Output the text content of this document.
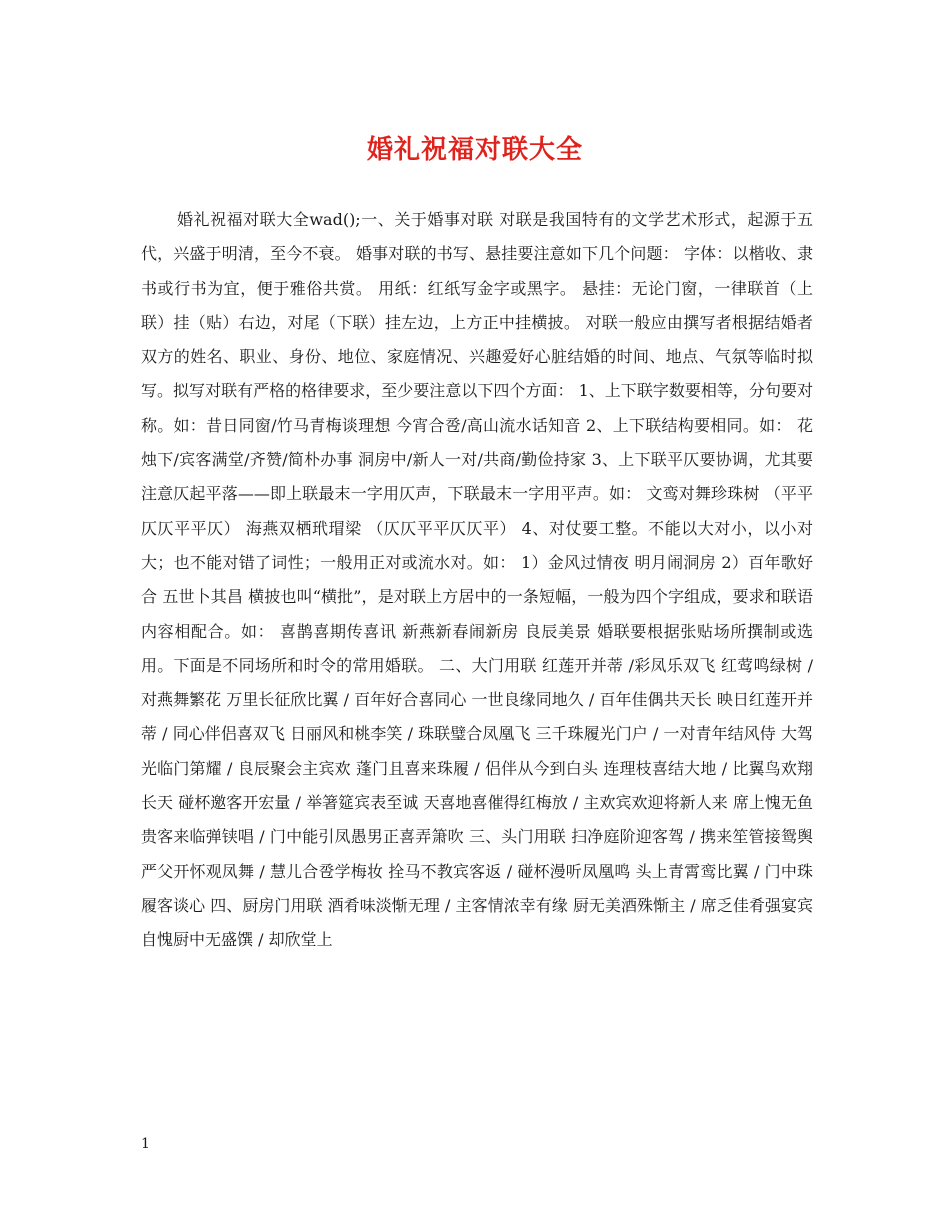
婚礼祝福对联大全

婚礼祝福对联大全wad();一、关于婚事对联 对联是我国特有的文学艺术形式，起源于五代，兴盛于明清，至今不衰。 婚事对联的书写、悬挂要注意如下几个问题： 字体：以楷收、隶书或行书为宜，便于雅俗共赏。 用纸：红纸写金字或黑字。 悬挂：无论门窗，一律联首（上联）挂（贴）右边，对尾（下联）挂左边，上方正中挂横披。 对联一般应由撰写者根据结婚者双方的姓名、职业、身份、地位、家庭情况、兴趣爱好心脏结婚的时间、地点、气氛等临时拟写。拟写对联有严格的格律要求，至少要注意以下四个方面： 1、上下联字数要相等，分句要对称。如：昔日同窗/竹马青梅谈理想 今宵合卺/高山流水话知音 2、上下联结构要相同。如： 花烛下/宾客满堂/齐赞/简朴办事 洞房中/新人一对/共商/勤俭持家 3、上下联平仄要协调，尤其要注意仄起平落——即上联最末一字用仄声，下联最末一字用平声。如： 文鸾对舞珍珠树 （平平仄仄平平仄） 海燕双栖玳瑁梁 （仄仄平平仄仄平） 4、对仗要工整。不能以大对小，以小对大；也不能对错了词性；一般用正对或流水对。如： 1）金风过情夜 明月闹洞房 2）百年歌好合 五世卜其昌 横披也叫“横批”，是对联上方居中的一条短幅，一般为四个字组成，要求和联语内容相配合。如： 喜鹊喜期传喜讯 新燕新春闹新房 良辰美景 婚联要根据张贴场所撰制或选用。下面是不同场所和时令的常用婚联。 二、大门用联 红莲开并蒂 /彩凤乐双飞 红莺鸣绿树 /对燕舞繁花 万里长征欣比翼 / 百年好合喜同心 一世良缘同地久 / 百年佳偶共天长 映日红莲开并蒂 / 同心伴侣喜双飞 日丽风和桃李笑 / 珠联璧合凤凰飞 三千珠履光门户 / 一对青年结风侍 大驾光临门第耀 / 良辰聚会主宾欢 蓬门且喜来珠履 / 侣伴从今到白头 连理枝喜结大地 / 比翼鸟欢翔长天 碰杯邀客开宏量 / 举箸筵宾表至诚 天喜地喜催得红梅放 / 主欢宾欢迎将新人来 席上愧无鱼贵客来临弹铗唱 / 门中能引凤愚男正喜弄箫吹 三、头门用联 扫净庭阶迎客驾 / 携来笙管接鸳舆 严父开怀观凤舞 / 慧儿合卺学梅妆 拴马不教宾客返 / 碰杯漫听凤凰鸣 头上青霄鸾比翼 / 门中珠履客谈心 四、厨房门用联 酒肴味淡惭无理 / 主客情浓幸有缘 厨无美酒殊惭主 / 席乏佳肴强宴宾 自愧厨中无盛馔 / 却欣堂上

1
